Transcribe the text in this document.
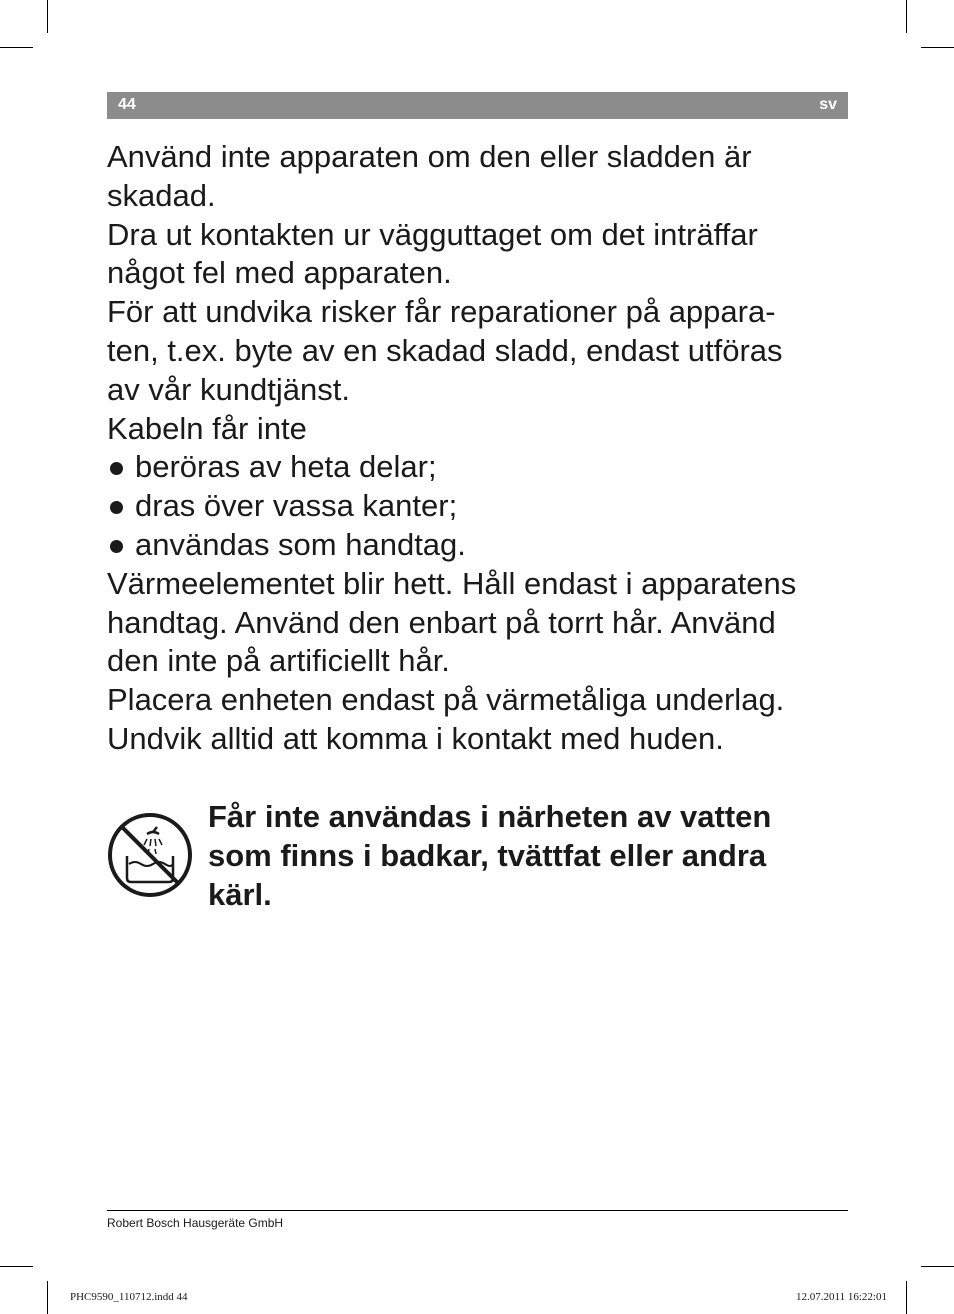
44	sv
Använd inte apparaten om den eller sladden är
skadad.
Dra ut kontakten ur vägguttaget om det inträffar
något fel med apparaten.
För att undvika risker får reparationer på appara-
ten, t.ex. byte av en skadad sladd, endast utföras
av vår kundtjänst.
Kabeln får inte
beröras av heta delar;
dras över vassa kanter;
användas som handtag.
Värmeelementet blir hett. Håll endast i apparatens
handtag. Använd den enbart på torrt hår. Använd
den inte på artificiellt hår.
Placera enheten endast på värmetåliga underlag.
Undvik alltid att komma i kontakt med huden.
Får inte användas i närheten av vatten
som finns i badkar, tvättfat eller andra
kärl.
Robert Bosch Hausgeräte GmbH
PHC9590_110712.indd 44	12.07.2011 16:22:01
